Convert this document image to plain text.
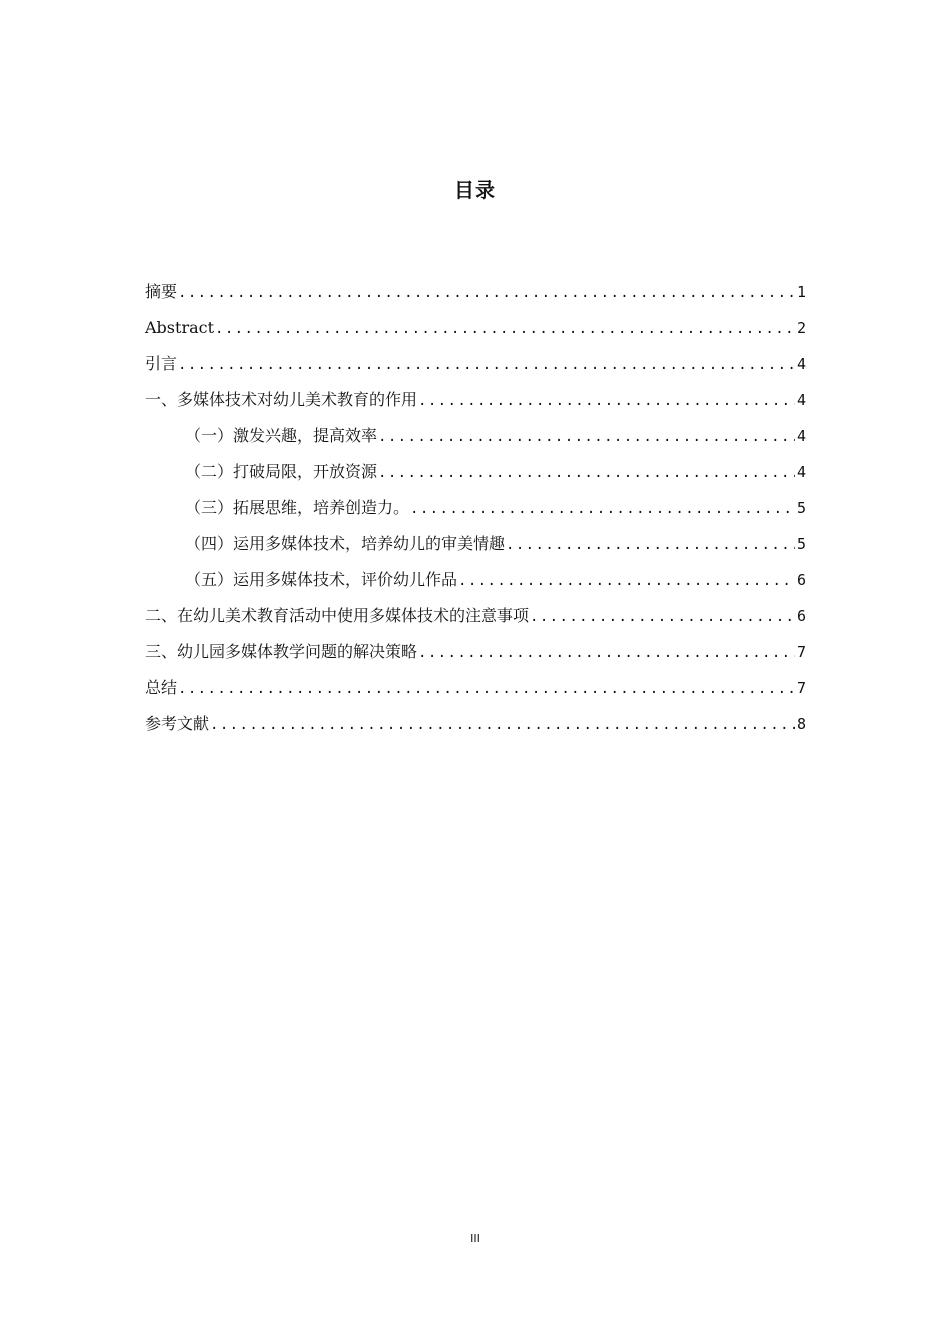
目录
摘要 .....	1
Abstract .....	2
引言 .....	4
一、多媒体技术对幼儿美术教育的作用 .....	4
（一）激发兴趣，提高效率 .....	4
（二）打破局限，开放资源 .....	4
（三）拓展思维，培养创造力。 .....	5
（四）运用多媒体技术，培养幼儿的审美情趣 .....	5
（五）运用多媒体技术，评价幼儿作品 .....	6
二、在幼儿美术教育活动中使用多媒体技术的注意事项 .....	6
三、幼儿园多媒体教学问题的解决策略 .....	7
总结 .....	7
参考文献 .....	8
III
